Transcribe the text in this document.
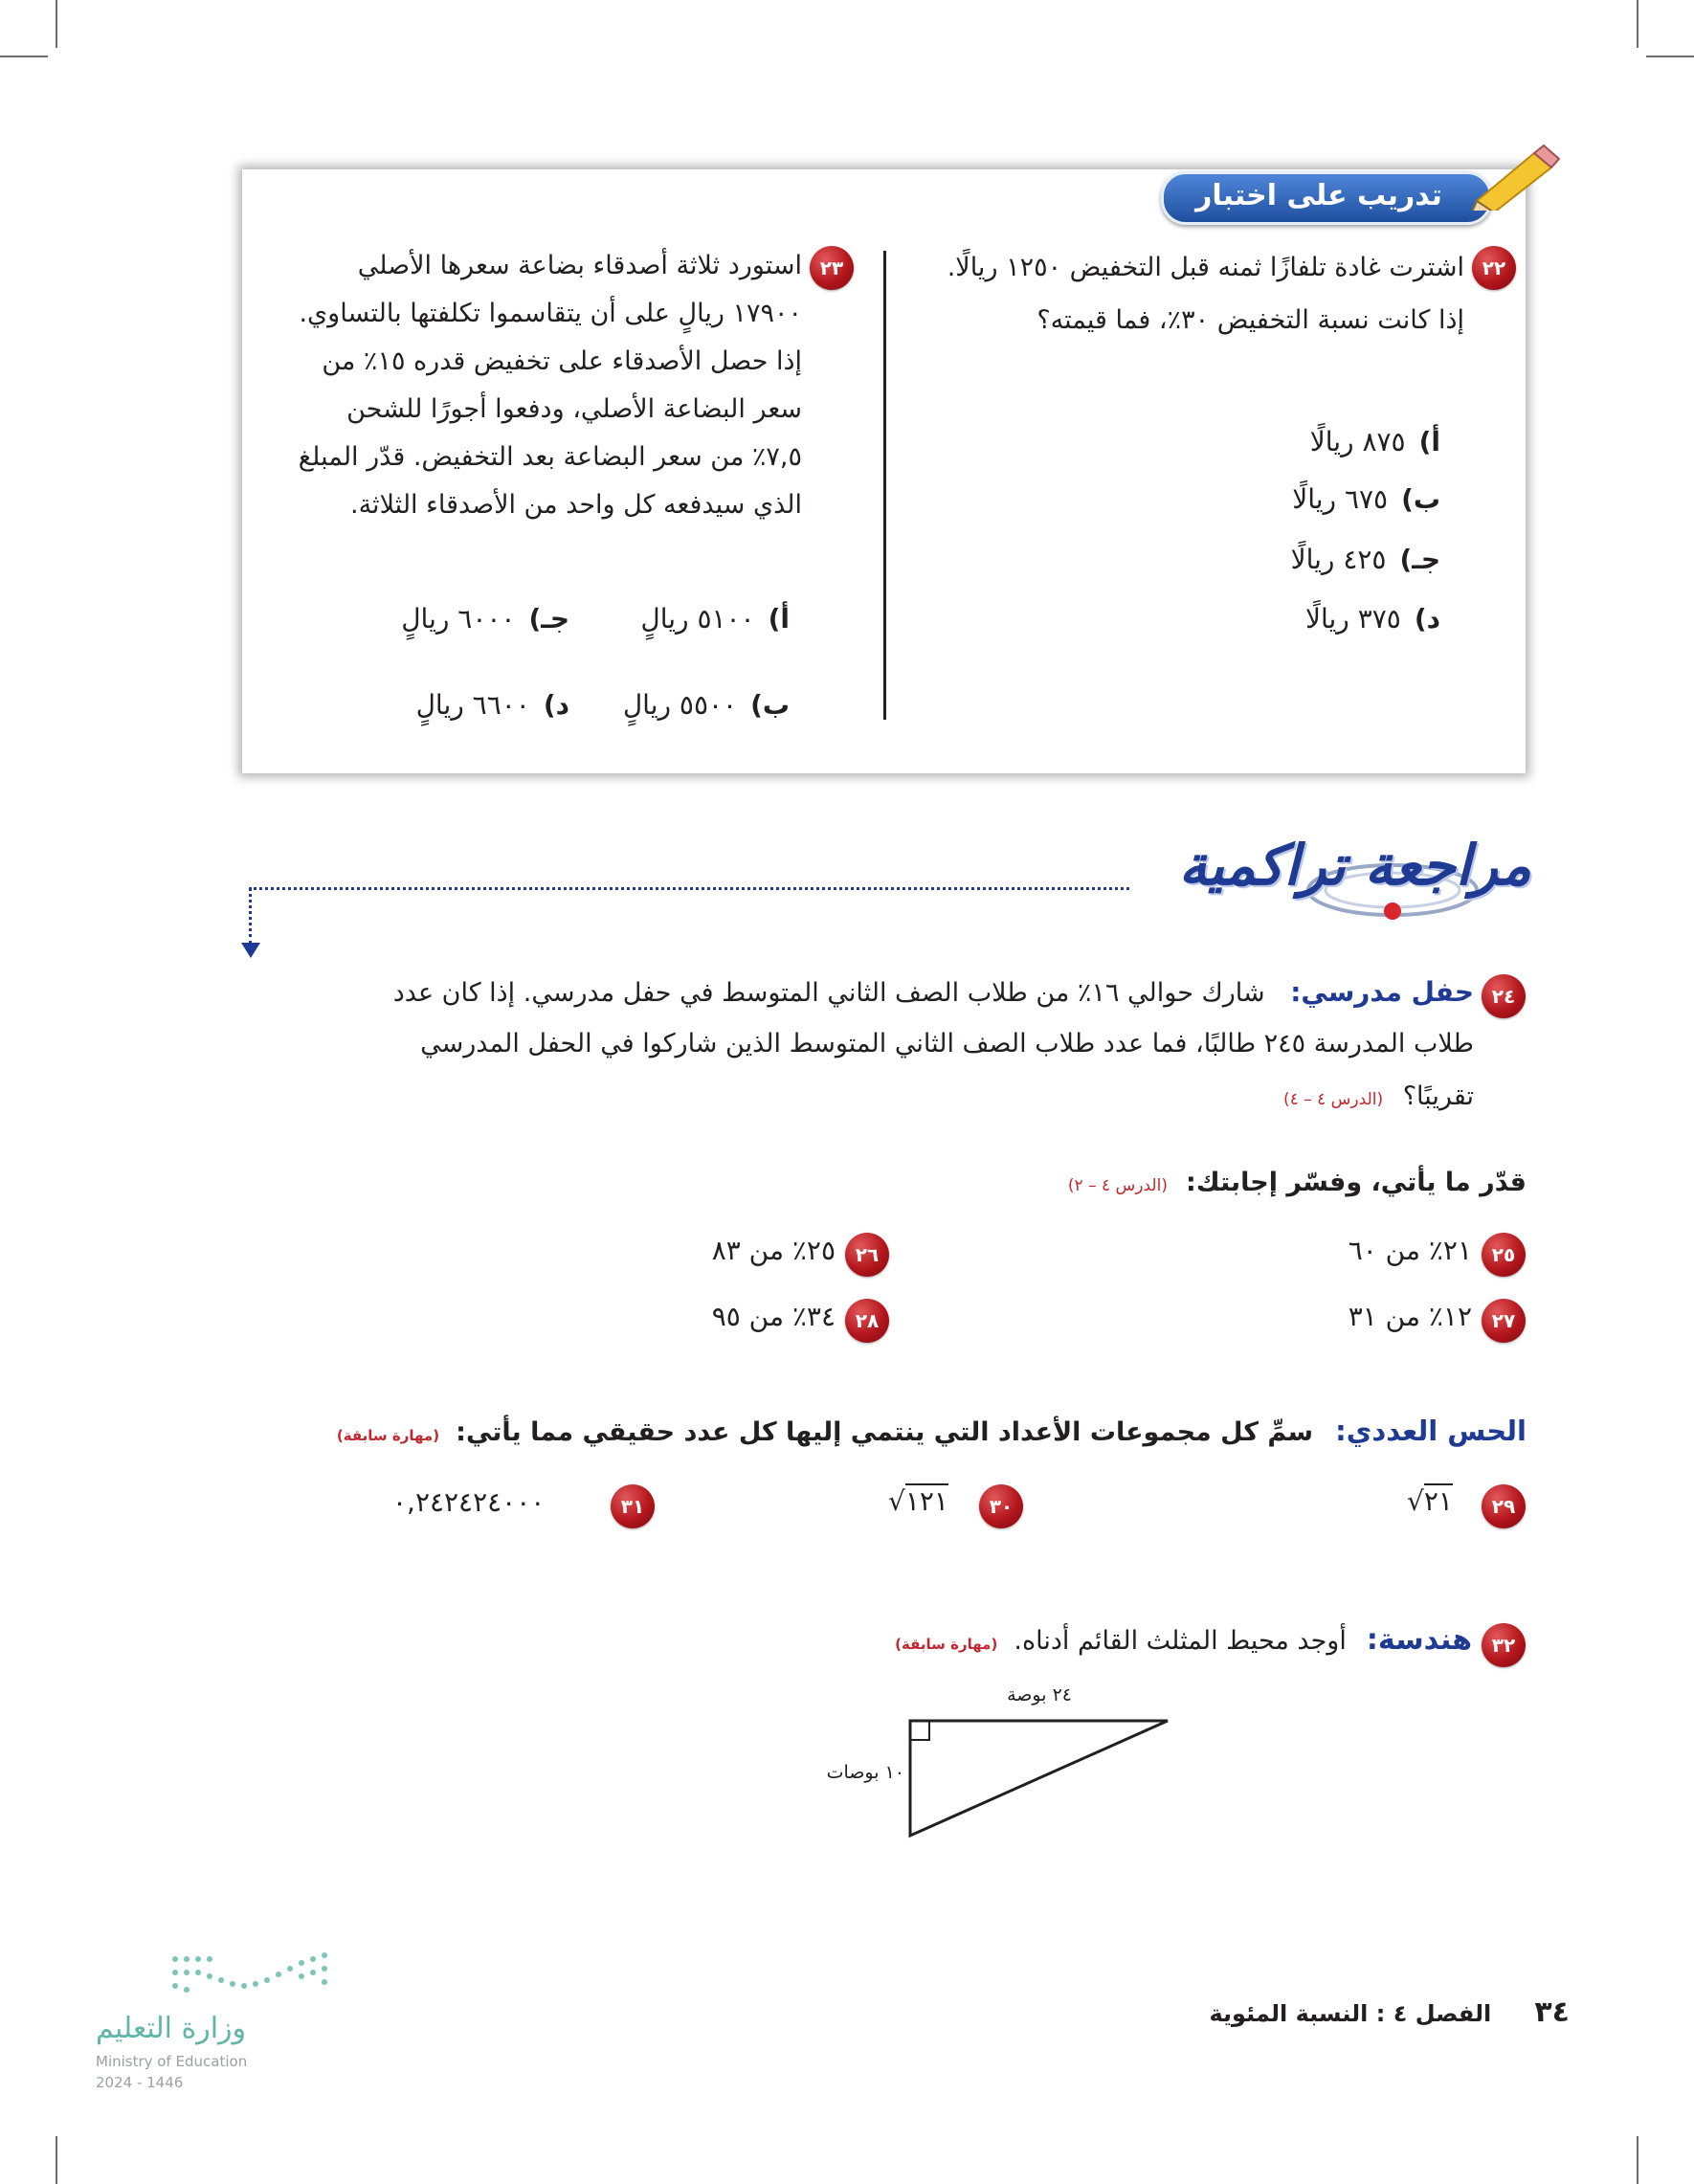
تدريب على اختبار
٢٢
اشترت غادة تلفازًا ثمنه قبل التخفيض ١٢٥٠ ريالًا.
إذا كانت نسبة التخفيض ٣٠٪، فما قيمته؟
أ)٨٧٥ ريالًا
ب)٦٧٥ ريالًا
جـ)٤٢٥ ريالًا
د)٣٧٥ ريالًا
٢٣
استورد ثلاثة أصدقاء بضاعة سعرها الأصلي
١٧٩٠٠ ريالٍ على أن يتقاسموا تكلفتها بالتساوي.
إذا حصل الأصدقاء على تخفيض قدره ١٥٪ من
سعر البضاعة الأصلي، ودفعوا أجورًا للشحن
٧,٥٪ من سعر البضاعة بعد التخفيض. قدّر المبلغ
الذي سيدفعه كل واحد من الأصدقاء الثلاثة.
أ)٥١٠٠ ريالٍ
جـ)٦٠٠٠ ريالٍ
ب)٥٥٠٠ ريالٍ
د)٦٦٠٠ ريالٍ
مراجعة تراكمية
٢٤
حفل مدرسي: شارك حوالي ١٦٪ من طلاب الصف الثاني المتوسط في حفل مدرسي. إذا كان عدد
طلاب المدرسة ٢٤٥ طالبًا، فما عدد طلاب الصف الثاني المتوسط الذين شاركوا في الحفل المدرسي
تقريبًا؟ (الدرس ٤ – ٤)
قدّر ما يأتي، وفسّر إجابتك: (الدرس ٤ – ٢)
٢٥
٢١٪ من ٦٠
٢٦
٢٥٪ من ٨٣
٢٧
١٢٪ من ٣١
٢٨
٣٤٪ من ٩٥
الحس العددي: سمِّ كل مجموعات الأعداد التي ينتمي إليها كل عدد حقيقي مما يأتي: (مهارة سابقة)
٢٩
√٢١
٣٠
√١٢١
٣١
٠,٢٤٢٤٢٤٠٠٠
٣٢
هندسة: أوجد محيط المثلث القائم أدناه. (مهارة سابقة)
٢٤ بوصة
١٠ بوصات
٣٤ الفصل ٤ : النسبة المئوية
وزارة التعليم
Ministry of Education
2024 - 1446
